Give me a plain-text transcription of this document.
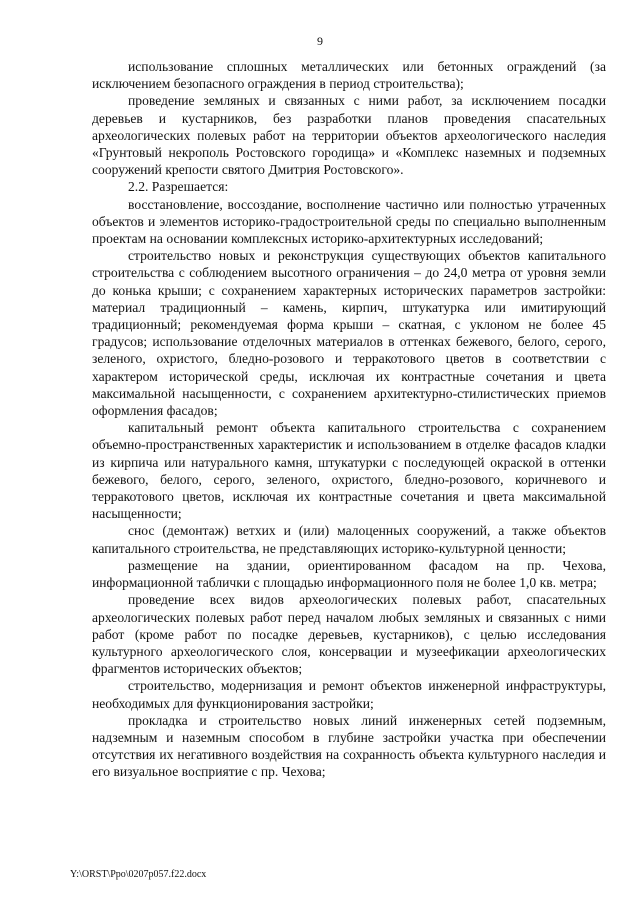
9

использование сплошных металлических или бетонных ограждений (за исключением безопасного ограждения в период строительства);

проведение земляных и связанных с ними работ, за исключением посадки деревьев и кустарников, без разработки планов проведения спасательных археологических полевых работ на территории объектов археологического наследия «Грунтовый некрополь Ростовского городища» и «Комплекс наземных и подземных сооружений крепости святого Дмитрия Ростовского».

2.2. Разрешается:

восстановление, воссоздание, восполнение частично или полностью утраченных объектов и элементов историко-градостроительной среды по специально выполненным проектам на основании комплексных историко-архитектурных исследований;

строительство новых и реконструкция существующих объектов капитального строительства с соблюдением высотного ограничения – до 24,0 метра от уровня земли до конька крыши; с сохранением характерных исторических параметров застройки: материал традиционный – камень, кирпич, штукатурка или имитирующий традиционный; рекомендуемая форма крыши – скатная, с уклоном не более 45 градусов; использование отделочных материалов в оттенках бежевого, белого, серого, зеленого, охристого, бледно-розового и терракотового цветов в соответствии с характером исторической среды, исключая их контрастные сочетания и цвета максимальной насыщенности, с сохранением архитектурно-стилистических приемов оформления фасадов;

капитальный ремонт объекта капитального строительства с сохранением объемно-пространственных характеристик и использованием в отделке фасадов кладки из кирпича или натурального камня, штукатурки с последующей окраской в оттенки бежевого, белого, серого, зеленого, охристого, бледно-розового, коричневого и терракотового цветов, исключая их контрастные сочетания и цвета максимальной насыщенности;

снос (демонтаж) ветхих и (или) малоценных сооружений, а также объектов капитального строительства, не представляющих историко-культурной ценности;

размещение на здании, ориентированном фасадом на пр. Чехова, информационной таблички с площадью информационного поля не более 1,0 кв. метра;

проведение всех видов археологических полевых работ, спасательных археологических полевых работ перед началом любых земляных и связанных с ними работ (кроме работ по посадке деревьев, кустарников), с целью исследования культурного археологического слоя, консервации и музеефикации археологических фрагментов исторических объектов;

строительство, модернизация и ремонт объектов инженерной инфраструктуры, необходимых для функционирования застройки;

прокладка и строительство новых линий инженерных сетей подземным, надземным и наземным способом в глубине застройки участка при обеспечении отсутствия их негативного воздействия на сохранность объекта культурного наследия и его визуальное восприятие с пр. Чехова;

Y:\ORST\Ppo\0207p057.f22.docx
